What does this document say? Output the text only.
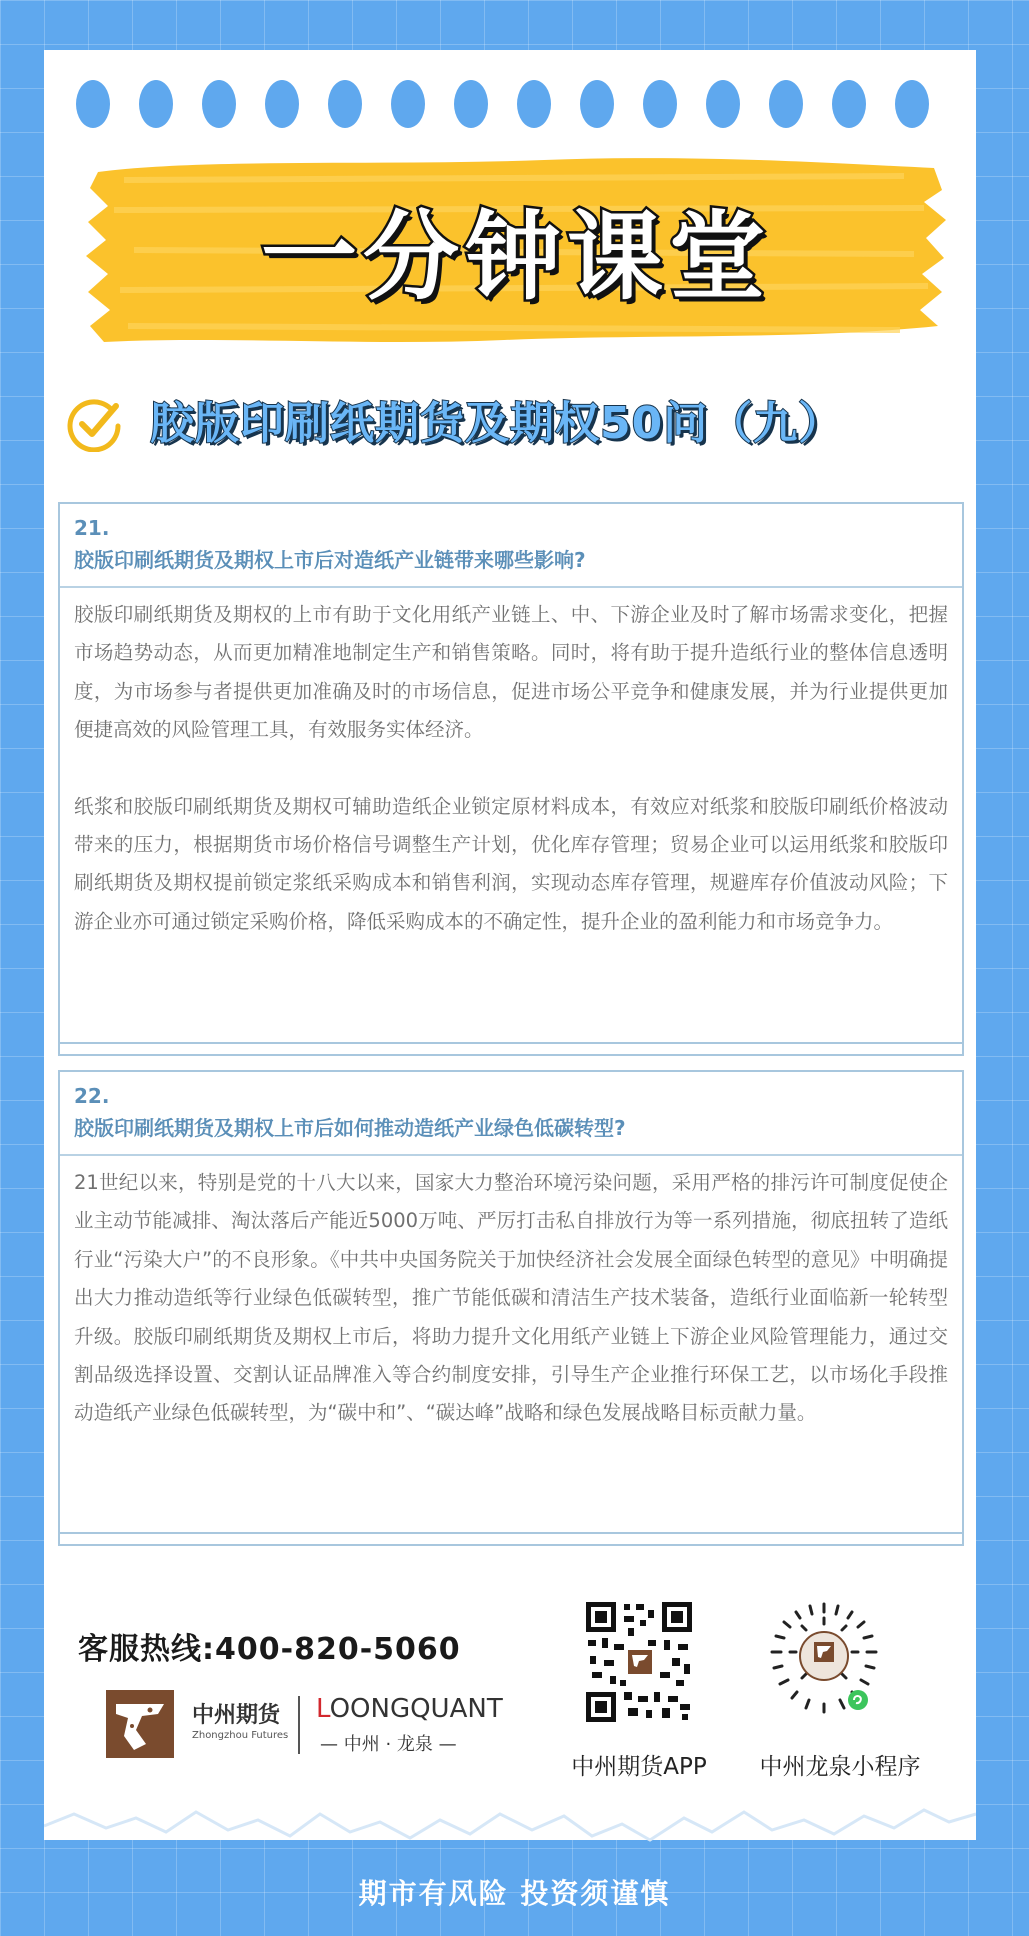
一分钟课堂
胶版印刷纸期货及期权50问（九）
21.
胶版印刷纸期货及期权上市后对造纸产业链带来哪些影响?

胶版印刷纸期货及期权的上市有助于文化用纸产业链上、中、下游企业及时了解市场需求变化，把握市场趋势动态，从而更加精准地制定生产和销售策略。同时，将有助于提升造纸行业的整体信息透明度，为市场参与者提供更加准确及时的市场信息，促进市场公平竞争和健康发展，并为行业提供更加便捷高效的风险管理工具，有效服务实体经济。

纸浆和胶版印刷纸期货及期权可辅助造纸企业锁定原材料成本，有效应对纸浆和胶版印刷纸价格波动带来的压力，根据期货市场价格信号调整生产计划，优化库存管理；贸易企业可以运用纸浆和胶版印刷纸期货及期权提前锁定浆纸采购成本和销售利润，实现动态库存管理，规避库存价值波动风险；下游企业亦可通过锁定采购价格，降低采购成本的不确定性，提升企业的盈利能力和市场竞争力。

22.
胶版印刷纸期货及期权上市后如何推动造纸产业绿色低碳转型?

21世纪以来，特别是党的十八大以来，国家大力整治环境污染问题，采用严格的排污许可制度促使企业主动节能减排、淘汰落后产能近5000万吨、严厉打击私自排放行为等一系列措施，彻底扭转了造纸行业“污染大户”的不良形象。《中共中央国务院关于加快经济社会发展全面绿色转型的意见》中明确提出大力推动造纸等行业绿色低碳转型，推广节能低碳和清洁生产技术装备，造纸行业面临新一轮转型升级。胶版印刷纸期货及期权上市后，将助力提升文化用纸产业链上下游企业风险管理能力，通过交割品级选择设置、交割认证品牌准入等合约制度安排，引导生产企业推行环保工艺，以市场化手段推动造纸产业绿色低碳转型，为“碳中和”、“碳达峰”战略和绿色发展战略目标贡献力量。

客服热线:400-820-5060
中州期货
Zhongzhou Futures
LOONGQUANT
— 中州 · 龙泉 —
中州期货APP	中州龙泉小程序
期市有风险 投资须谨慎
